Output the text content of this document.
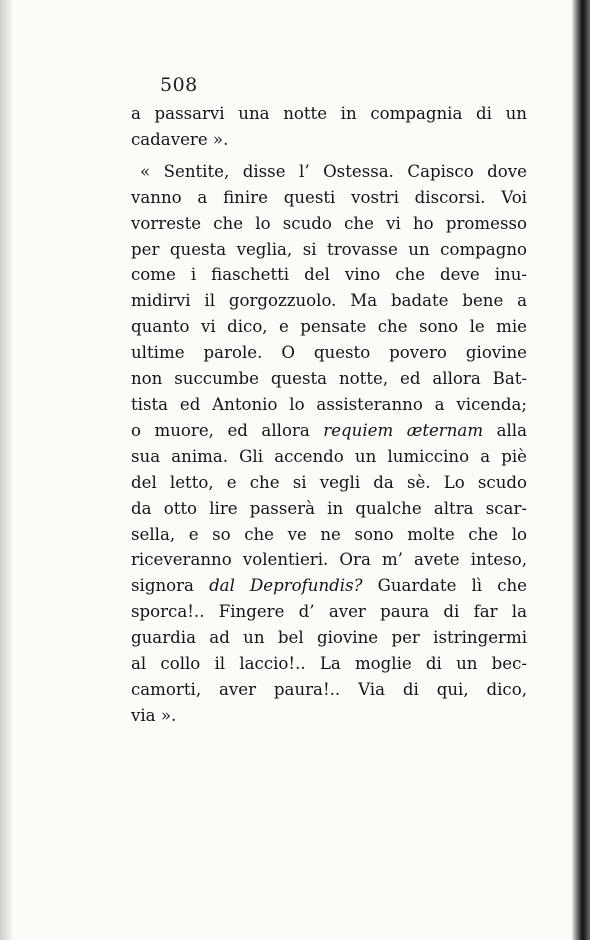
508
a passarvi una notte in compagnia di un
cadavere ».
« Sentite, disse l’ Ostessa. Capisco dove
vanno a finire questi vostri discorsi. Voi
vorreste che lo scudo che vi ho promesso
per questa veglia, si trovasse un compagno
come i fiaschetti del vino che deve inu-
midirvi il gorgozzuolo. Ma badate bene a
quanto vi dico, e pensate che sono le mie
ultime parole. O questo povero giovine
non succumbe questa notte, ed allora Bat-
tista ed Antonio lo assisteranno a vicenda;
o muore, ed allora requiem æternam alla
sua anima. Gli accendo un lumiccino a piè
del letto, e che si vegli da sè. Lo scudo
da otto lire passerà in qualche altra scar-
sella, e so che ve ne sono molte che lo
riceveranno volentieri. Ora m’ avete inteso,
signora dal Deprofundis? Guardate lì che
sporca!.. Fingere d’ aver paura di far la
guardia ad un bel giovine per istringermi
al collo il laccio!.. La moglie di un bec-
camorti, aver paura!.. Via di qui, dico,
via ».
